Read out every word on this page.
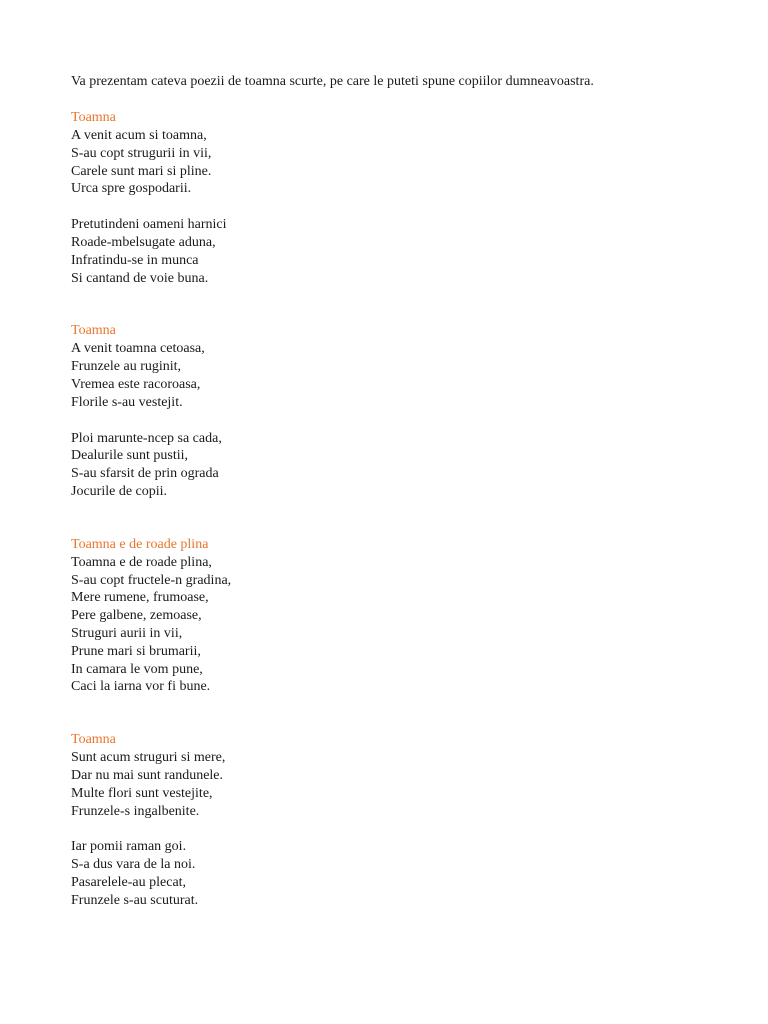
Va prezentam cateva poezii de toamna scurte, pe care le puteti spune copiilor dumneavoastra.

Toamna
A venit acum si toamna,
S-au copt strugurii in vii,
Carele sunt mari si pline.
Urca spre gospodarii.
Pretutindeni oameni harnici
Roade-mbelsugate aduna,
Infratindu-se in munca
Si cantand de voie buna.
Toamna
A venit toamna cetoasa,
Frunzele au ruginit,
Vremea este racoroasa,
Florile s-au vestejit.
Ploi marunte-ncep sa cada,
Dealurile sunt pustii,
S-au sfarsit de prin ograda
Jocurile de copii.
Toamna e de roade plina
Toamna e de roade plina,
S-au copt fructele-n gradina,
Mere rumene, frumoase,
Pere galbene, zemoase,
Struguri aurii in vii,
Prune mari si brumarii,
In camara le vom pune,
Caci la iarna vor fi bune.
Toamna
Sunt acum struguri si mere,
Dar nu mai sunt randunele.
Multe flori sunt vestejite,
Frunzele-s ingalbenite.
Iar pomii raman goi.
S-a dus vara de la noi.
Pasarelele-au plecat,
Frunzele s-au scuturat.
